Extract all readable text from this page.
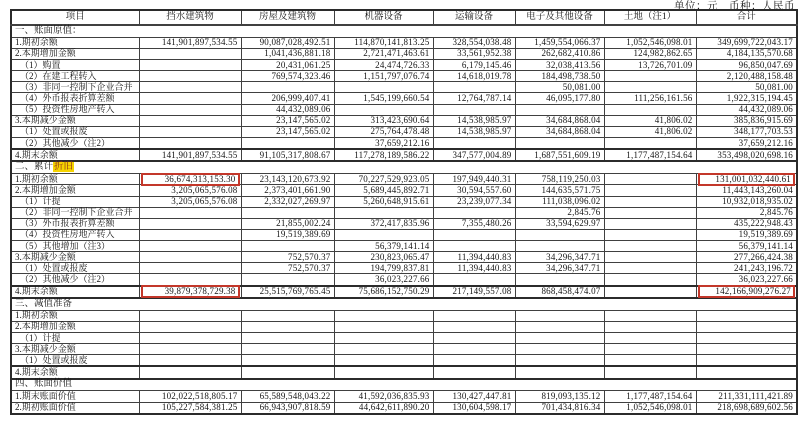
单位：元　币种：人民币
项目	挡水建筑物	房屋及建筑物	机器设备	运输设备	电子及其他设备	土地（注1）	合计
一、账面原值：							
1.期初余额	141,901,897,534.55	90,087,028,492.51	114,870,141,813.25	328,554,038.48	1,459,554,066.37	1,052,546,098.01	349,699,722,043.17
2.本期增加金额		1,041,436,881.18	2,721,471,463.61	33,561,952.38	262,682,410.86	124,982,862.65	4,184,135,570.68
（1）购置		20,431,061.25	24,474,726.33	6,179,145.46	32,038,413.56	13,726,701.09	96,850,047.69
（2）在建工程转入		769,574,323.46	1,151,797,076.74	14,618,019.78	184,498,738.50		2,120,488,158.48
（3）非同一控制下企业合并					50,081.00		50,081.00
（4）外币报表折算差额		206,999,407.41	1,545,199,660.54	12,764,787.14	46,095,177.80	111,256,161.56	1,922,315,194.45
（5）投资性房地产转入		44,432,089.06					44,432,089.06
3.本期减少金额		23,147,565.02	313,423,690.64	14,538,985.97	34,684,868.04	41,806.02	385,836,915.69
（1）处置或报废		23,147,565.02	275,764,478.48	14,538,985.97	34,684,868.04	41,806.02	348,177,703.53
（2）其他减少（注2）			37,659,212.16				37,659,212.16
4.期末余额	141,901,897,534.55	91,105,317,808.67	117,278,189,586.22	347,577,004.89	1,687,551,609.19	1,177,487,154.64	353,498,020,698.16
二、累计折旧							
1.期初余额	36,674,313,153.30	23,143,120,673.92	70,227,529,923.05	197,949,440.31	758,119,250.03		131,001,032,440.61

2.本期增加金额	3,205,065,576.08	2,373,401,661.90	5,689,445,892.71	30,594,557.60	144,635,571.75		11,443,143,260.04
（1）计提	3,205,065,576.08	2,332,027,269.97	5,260,648,915.61	23,239,077.34	111,038,096.02		10,932,018,935.02
（2）非同一控制下企业合并					2,845.76		2,845.76
（3）外币报表折算差额		21,855,002.24	372,417,835.96	7,355,480.26	33,594,629.97		435,222,948.43
（4）投资性房地产转入		19,519,389.69					19,519,389.69
（5）其他增加（注3）			56,379,141.14				56,379,141.14
3.本期减少金额		752,570.37	230,823,065.47	11,394,440.83	34,296,347.71		277,266,424.38
（1）处置或报废		752,570.37	194,799,837.81	11,394,440.83	34,296,347.71		241,243,196.72
（2）其他减少（注2）			36,023,227.66				36,023,227.66
4.期末余额	39,879,378,729.38	25,515,769,765.45	75,686,152,750.29	217,149,557.08	868,458,474.07		142,166,909,276.27

三、减值准备							
1.期初余额							
2.本期增加金额							
（1）计提							
3.本期减少金额							
（1）处置或报废							
4.期末余额							
四、账面价值							
1.期末账面价值	102,022,518,805.17	65,589,548,043.22	41,592,036,835.93	130,427,447.81	819,093,135.12	1,177,487,154.64	211,331,111,421.89
2.期初账面价值	105,227,584,381.25	66,943,907,818.59	44,642,611,890.20	130,604,598.17	701,434,816.34	1,052,546,098.01	218,698,689,602.56
